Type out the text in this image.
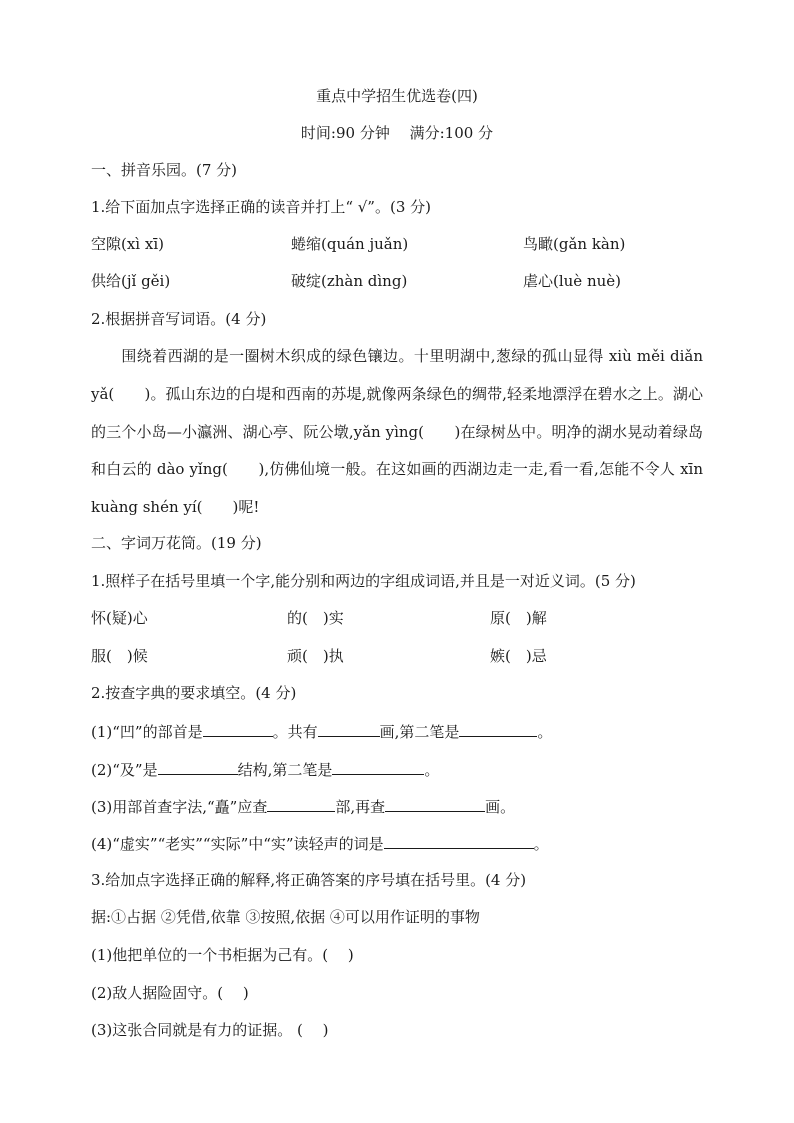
重点中学招生优选卷(四)
时间:90 分钟　 满分:100 分
一、拼音乐园。(7 分)
1.给下面加点字选择正确的读音并打上“ √”。(3 分)
空隙(xì xī)	蜷缩(quán juǎn)	鸟瞰(gǎn kàn)
供给(jǐ gěi)	破绽(zhàn dìng)	虐心(luè nuè)
2.根据拼音写词语。(4 分)
围绕着西湖的是一圈树木织成的绿色镶边。十里明湖中,葱绿的孤山显得 xiù měi diǎn yǎ(　　)。孤山东边的白堤和西南的苏堤,就像两条绿色的绸带,轻柔地漂浮在碧水之上。湖心的三个小岛—小瀛洲、湖心亭、阮公墩,yǎn yìng(　　)在绿树丛中。明净的湖水晃动着绿岛和白云的 dào yǐng(　　),仿佛仙境一般。在这如画的西湖边走一走,看一看,怎能不令人 xīn kuàng shén yí(　　)呢!
二、字词万花筒。(19 分)
1.照样子在括号里填一个字,能分别和两边的字组成词语,并且是一对近义词。(5 分)
怀(疑)心	的(　)实	原(　)解
服(　)候	顽(　)执	嫉(　)忌
2.按查字典的要求填空。(4 分)
(1)“凹”的部首是	。共有	画,第二笔是	。
(2)“及”是	结构,第二笔是	。
(3)用部首查字法,“矗”应查	部,再查	画。
(4)“虚实”“老实”“实际”中“实”读轻声的词是	。
3.给加点字选择正确的解释,将正确答案的序号填在括号里。(4 分)
据:①占据 ②凭借,依靠 ③按照,依据 ④可以用作证明的事物
(1)他把单位的一个书柜据为己有。(　 )
(2)敌人据险固守。(　 )
(3)这张合同就是有力的证据。 (　 )
